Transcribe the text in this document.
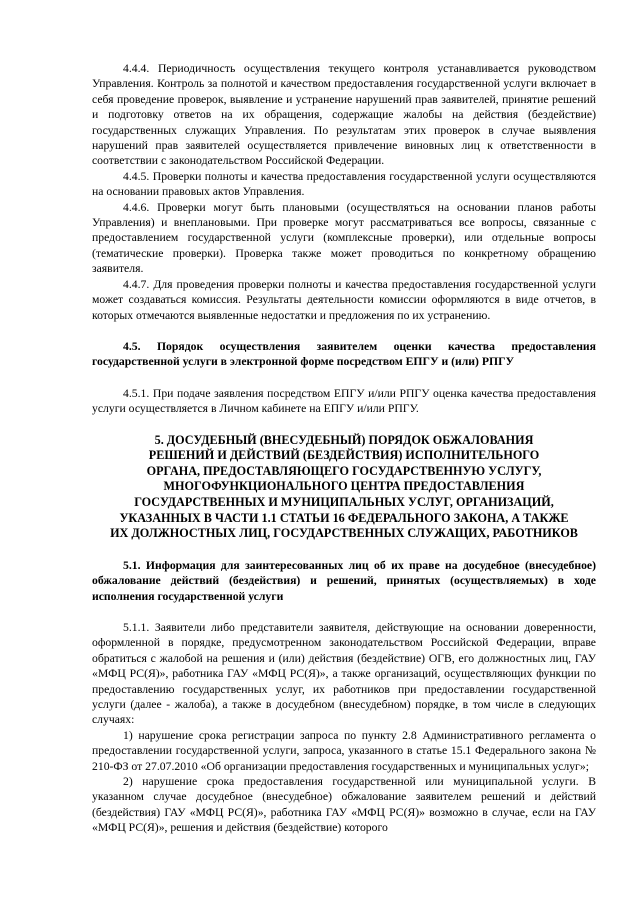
4.4.4. Периодичность осуществления текущего контроля устанавливается руководством Управления. Контроль за полнотой и качеством предоставления государственной услуги включает в себя проведение проверок, выявление и устранение нарушений прав заявителей, принятие решений и подготовку ответов на их обращения, содержащие жалобы на действия (бездействие) государственных служащих Управления. По результатам этих проверок в случае выявления нарушений прав заявителей осуществляется привлечение виновных лиц к ответственности в соответствии с законодательством Российской Федерации.

4.4.5. Проверки полноты и качества предоставления государственной услуги осуществляются на основании правовых актов Управления.

4.4.6. Проверки могут быть плановыми (осуществляться на основании планов работы Управления) и внеплановыми. При проверке могут рассматриваться все вопросы, связанные с предоставлением государственной услуги (комплексные проверки), или отдельные вопросы (тематические проверки). Проверка также может проводиться по конкретному обращению заявителя.

4.4.7. Для проведения проверки полноты и качества предоставления государственной услуги может создаваться комиссия. Результаты деятельности комиссии оформляются в виде отчетов, в которых отмечаются выявленные недостатки и предложения по их устранению.

4.5. Порядок осуществления заявителем оценки качества предоставления государственной услуги в электронной форме посредством ЕПГУ и (или) РПГУ

4.5.1. При подаче заявления посредством ЕПГУ и/или РПГУ оценка качества предоставления услуги осуществляется в Личном кабинете на ЕПГУ и/или РПГУ.

5. ДОСУДЕБНЫЙ (ВНЕСУДЕБНЫЙ) ПОРЯДОК ОБЖАЛОВАНИЯ

РЕШЕНИЙ И ДЕЙСТВИЙ (БЕЗДЕЙСТВИЯ) ИСПОЛНИТЕЛЬНОГО

ОРГАНА, ПРЕДОСТАВЛЯЮЩЕГО ГОСУДАРСТВЕННУЮ УСЛУГУ,

МНОГОФУНКЦИОНАЛЬНОГО ЦЕНТРА ПРЕДОСТАВЛЕНИЯ

ГОСУДАРСТВЕННЫХ И МУНИЦИПАЛЬНЫХ УСЛУГ, ОРГАНИЗАЦИЙ,

УКАЗАННЫХ В ЧАСТИ 1.1 СТАТЬИ 16 ФЕДЕРАЛЬНОГО ЗАКОНА, А ТАКЖЕ

ИХ ДОЛЖНОСТНЫХ ЛИЦ, ГОСУДАРСТВЕННЫХ СЛУЖАЩИХ, РАБОТНИКОВ

5.1. Информация для заинтересованных лиц об их праве на досудебное (внесудебное) обжалование действий (бездействия) и решений, принятых (осуществляемых) в ходе исполнения государственной услуги

5.1.1. Заявители либо представители заявителя, действующие на основании доверенности, оформленной в порядке, предусмотренном законодательством Российской Федерации, вправе обратиться с жалобой на решения и (или) действия (бездействие) ОГВ, его должностных лиц, ГАУ «МФЦ РС(Я)», работника ГАУ «МФЦ РС(Я)», а также организаций, осуществляющих функции по предоставлению государственных услуг, их работников при предоставлении государственной услуги (далее - жалоба), а также в досудебном (внесудебном) порядке, в том числе в следующих случаях:

1) нарушение срока регистрации запроса по пункту 2.8 Административного регламента о предоставлении государственной услуги, запроса, указанного в статье 15.1 Федерального закона № 210-ФЗ от 27.07.2010 «Об организации предоставления государственных и муниципальных услуг»;

2) нарушение срока предоставления государственной или муниципальной услуги. В указанном случае досудебное (внесудебное) обжалование заявителем решений и действий (бездействия) ГАУ «МФЦ РС(Я)», работника ГАУ «МФЦ РС(Я)» возможно в случае, если на ГАУ «МФЦ РС(Я)», решения и действия (бездействие) которого
